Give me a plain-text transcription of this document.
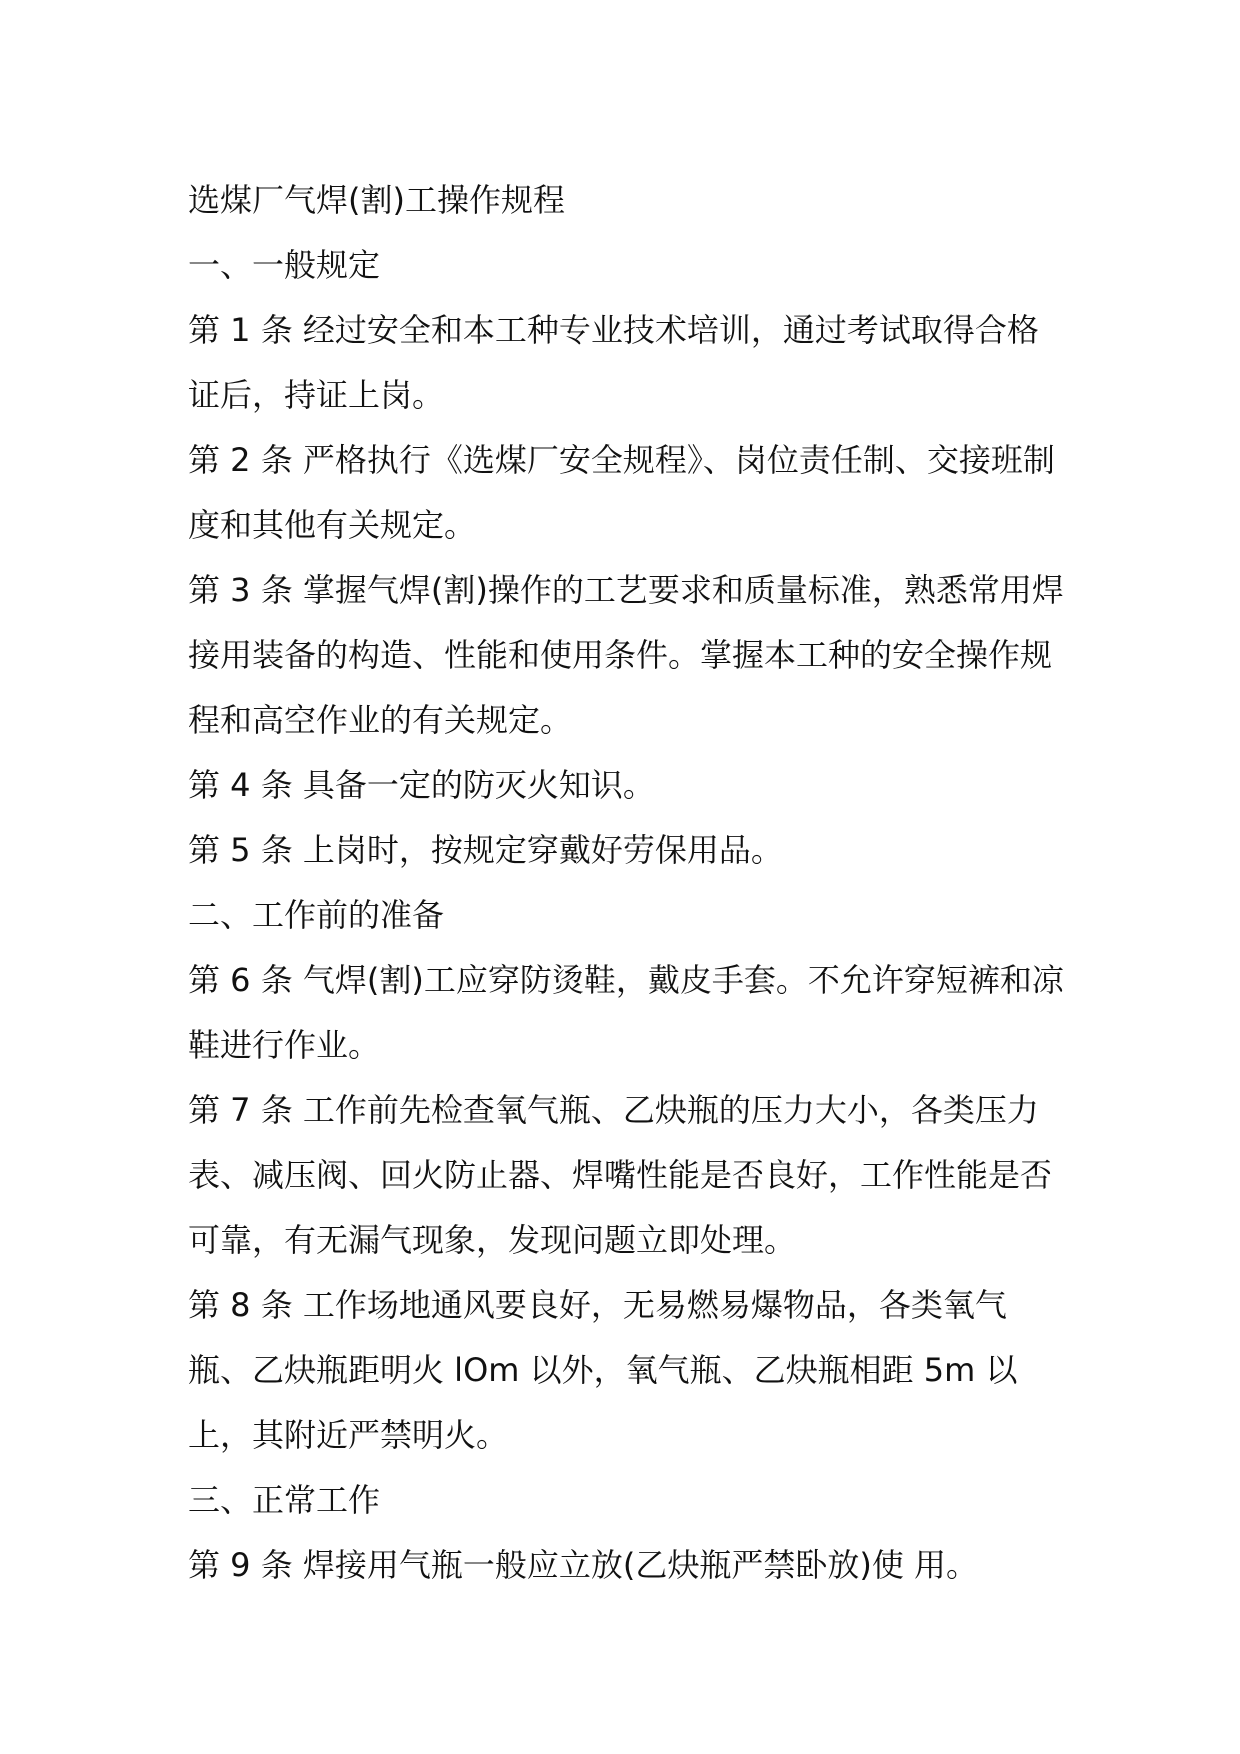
选煤厂气焊(割)工操作规程

一、一般规定

第 1 条 经过安全和本工种专业技术培训，通过考试取得合格证后，持证上岗。

第 2 条 严格执行《选煤厂安全规程》、岗位责任制、交接班制度和其他有关规定。

第 3 条 掌握气焊(割)操作的工艺要求和质量标准，熟悉常用焊接用装备的构造、性能和使用条件。掌握本工种的安全操作规程和高空作业的有关规定。

第 4 条 具备一定的防灭火知识。

第 5 条 上岗时，按规定穿戴好劳保用品。

二、工作前的准备

第 6 条 气焊(割)工应穿防烫鞋，戴皮手套。不允许穿短裤和凉鞋进行作业。

第 7 条 工作前先检查氧气瓶、乙炔瓶的压力大小，各类压力表、减压阀、回火防止器、焊嘴性能是否良好，工作性能是否可靠，有无漏气现象，发现问题立即处理。

第 8 条 工作场地通风要良好，无易燃易爆物品，各类氧气瓶、乙炔瓶距明火 lOm 以外，氧气瓶、乙炔瓶相距 5m 以上，其附近严禁明火。

三、正常工作

第 9 条 焊接用气瓶一般应立放(乙炔瓶严禁卧放)使 用。
